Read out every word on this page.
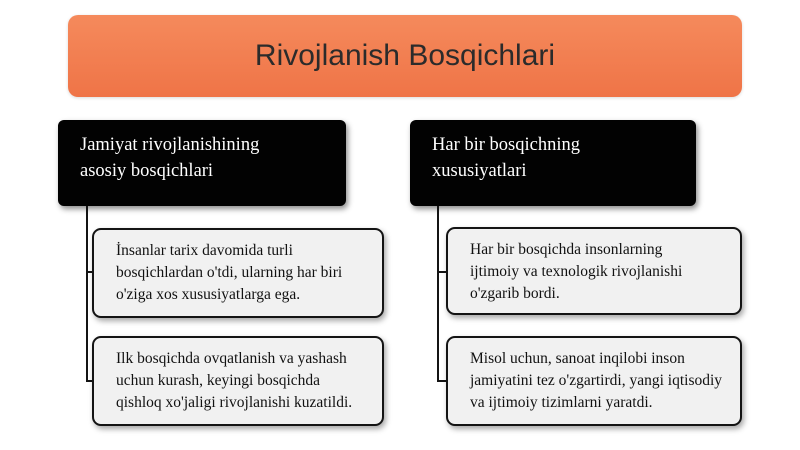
Rivojlanish Bosqichlari
Jamiyat rivojlanishining
asosiy bosqichlari
İnsanlar tarix davomida turli
bosqichlardan o'tdi, ularning har biri
o'ziga xos xususiyatlarga ega.
Ilk bosqichda ovqatlanish va yashash
uchun kurash, keyingi bosqichda
qishloq xo'jaligi rivojlanishi kuzatildi.
Har bir bosqichning
xususiyatlari
Har bir bosqichda insonlarning
ijtimoiy va texnologik rivojlanishi
o'zgarib bordi.
Misol uchun, sanoat inqilobi inson
jamiyatini tez o'zgartirdi, yangi iqtisodiy
va ijtimoiy tizimlarni yaratdi.
